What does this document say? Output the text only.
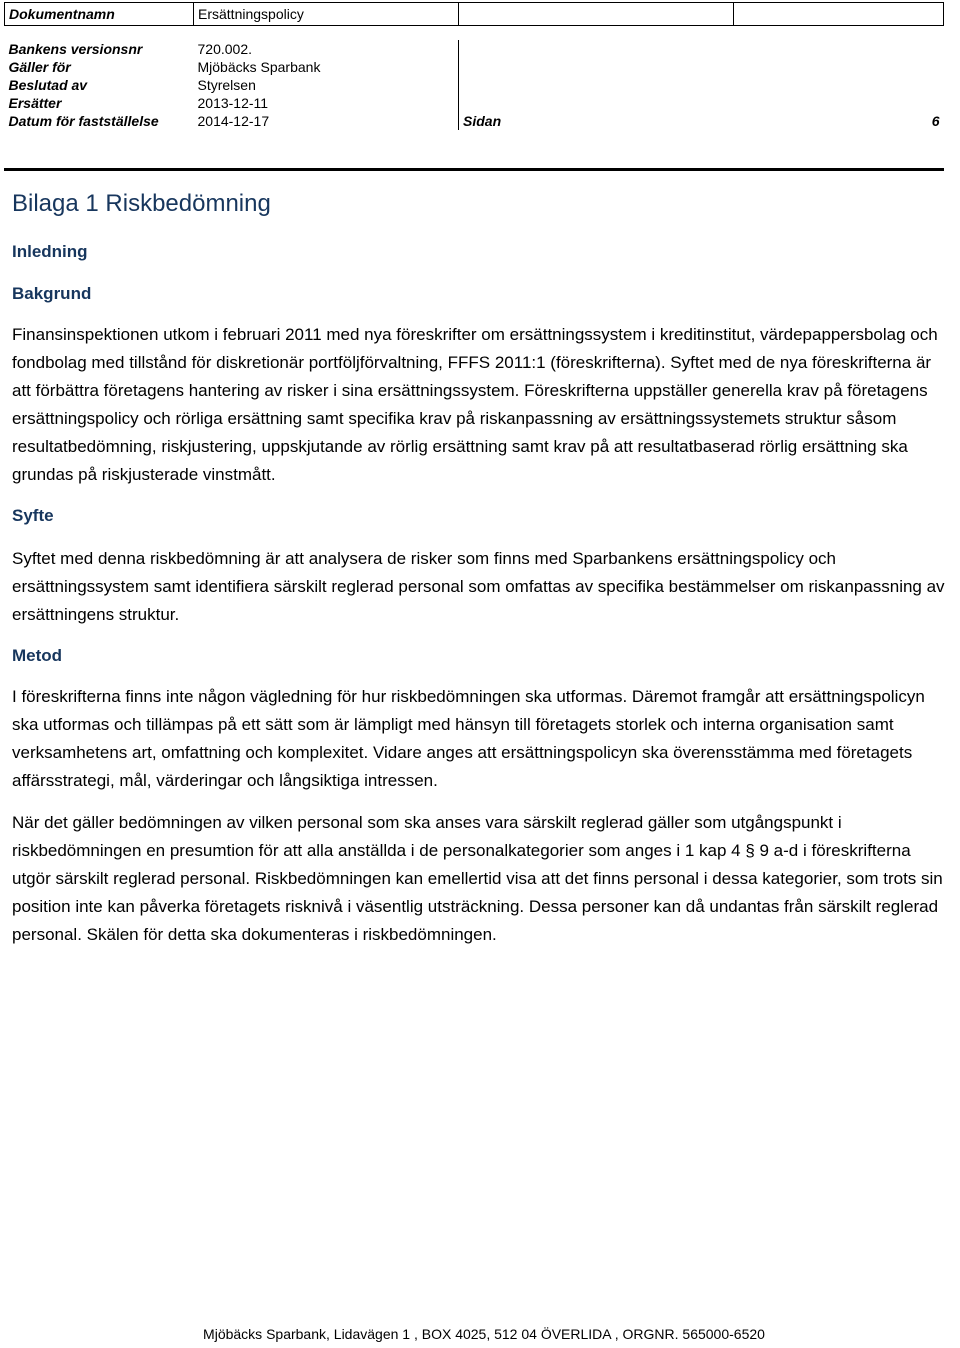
Dokumentnamn	Ersättningspolicy		

Bankens versionsnr	720.002.		
Gäller för	Mjöbäcks Sparbank		
Beslutad av	Styrelsen		
Ersätter	2013-12-11		
Datum för fastställelse	2014-12-17	Sidan	6
Bilaga 1 Riskbedömning
Inledning
Bakgrund

Finansinspektionen utkom i februari 2011 med nya föreskrifter om ersättningssystem i kreditinstitut, värdepappersbolag och fondbolag med tillstånd för diskretionär portföljförvaltning, FFFS 2011:1 (föreskrifterna). Syftet med de nya föreskrifterna är att förbättra företagens hantering av risker i sina ersättningssystem. Föreskrifterna uppställer generella krav på företagens ersättningspolicy och rörliga ersättning samt specifika krav på riskanpassning av ersättningssystemets struktur såsom resultatbedömning, riskjustering, uppskjutande av rörlig ersättning samt krav på att resultatbaserad rörlig ersättning ska grundas på riskjusterade vinstmått.

Syfte

Syftet med denna riskbedömning är att analysera de risker som finns med Sparbankens ersättningspolicy och ersättningssystem samt identifiera särskilt reglerad personal som omfattas av specifika bestämmelser om riskanpassning av ersättningens struktur.

Metod

I föreskrifterna finns inte någon vägledning för hur riskbedömningen ska utformas. Däremot framgår att ersättningspolicyn ska utformas och tillämpas på ett sätt som är lämpligt med hänsyn till företagets storlek och interna organisation samt verksamhetens art, omfattning och komplexitet. Vidare anges att ersättningspolicyn ska överensstämma med företagets affärsstrategi, mål, värderingar och långsiktiga intressen.

När det gäller bedömningen av vilken personal som ska anses vara särskilt reglerad gäller som utgångspunkt i riskbedömningen en presumtion för att alla anställda i de personalkategorier som anges i 1 kap 4 § 9 a-d i föreskrifterna utgör särskilt reglerad personal. Riskbedömningen kan emellertid visa att det finns personal i dessa kategorier, som trots sin position inte kan påverka företagets risknivå i väsentlig utsträckning. Dessa personer kan då undantas från särskilt reglerad personal. Skälen för detta ska dokumenteras i riskbedömningen.

Mjöbäcks Sparbank, Lidavägen 1 , BOX 4025, 512 04 ÖVERLIDA , ORGNR. 565000-6520
